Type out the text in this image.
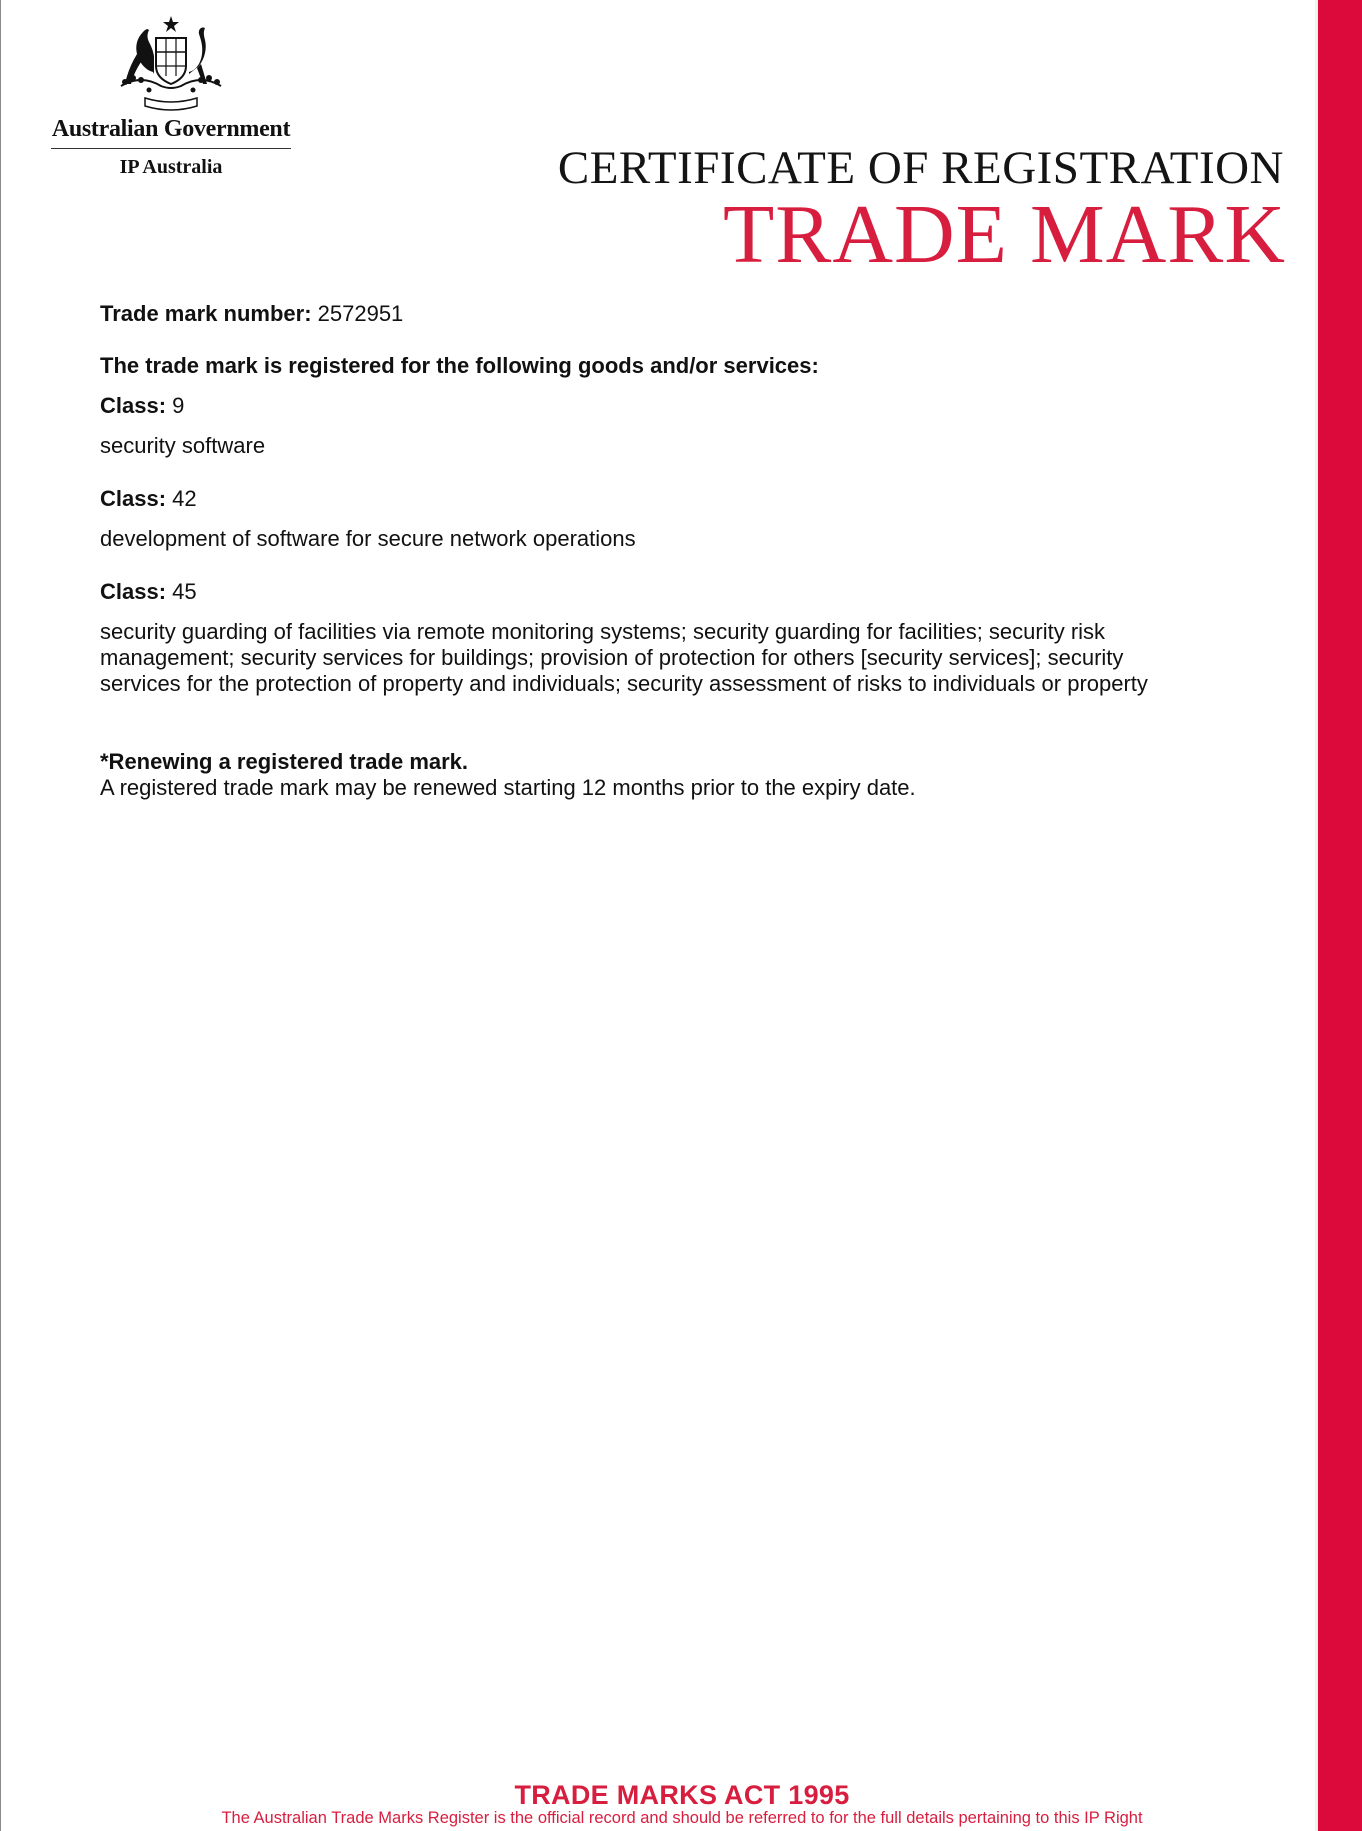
Australian Government
IP Australia	CERTIFICATE OF REGISTRATION
TRADE MARK

Trade mark number: 2572951

The trade mark is registered for the following goods and/or services:

Class: 9

security software

Class: 42

development of software for secure network operations

Class: 45

security guarding of facilities via remote monitoring systems; security guarding for facilities; security risk management; security services for buildings; provision of protection for others [security services]; security services for the protection of property and individuals; security assessment of risks to individuals or property

*Renewing a registered trade mark.
A registered trade mark may be renewed starting 12 months prior to the expiry date.
TRADE MARKS ACT 1995
The Australian Trade Marks Register is the official record and should be referred to for the full details pertaining to this IP Right
